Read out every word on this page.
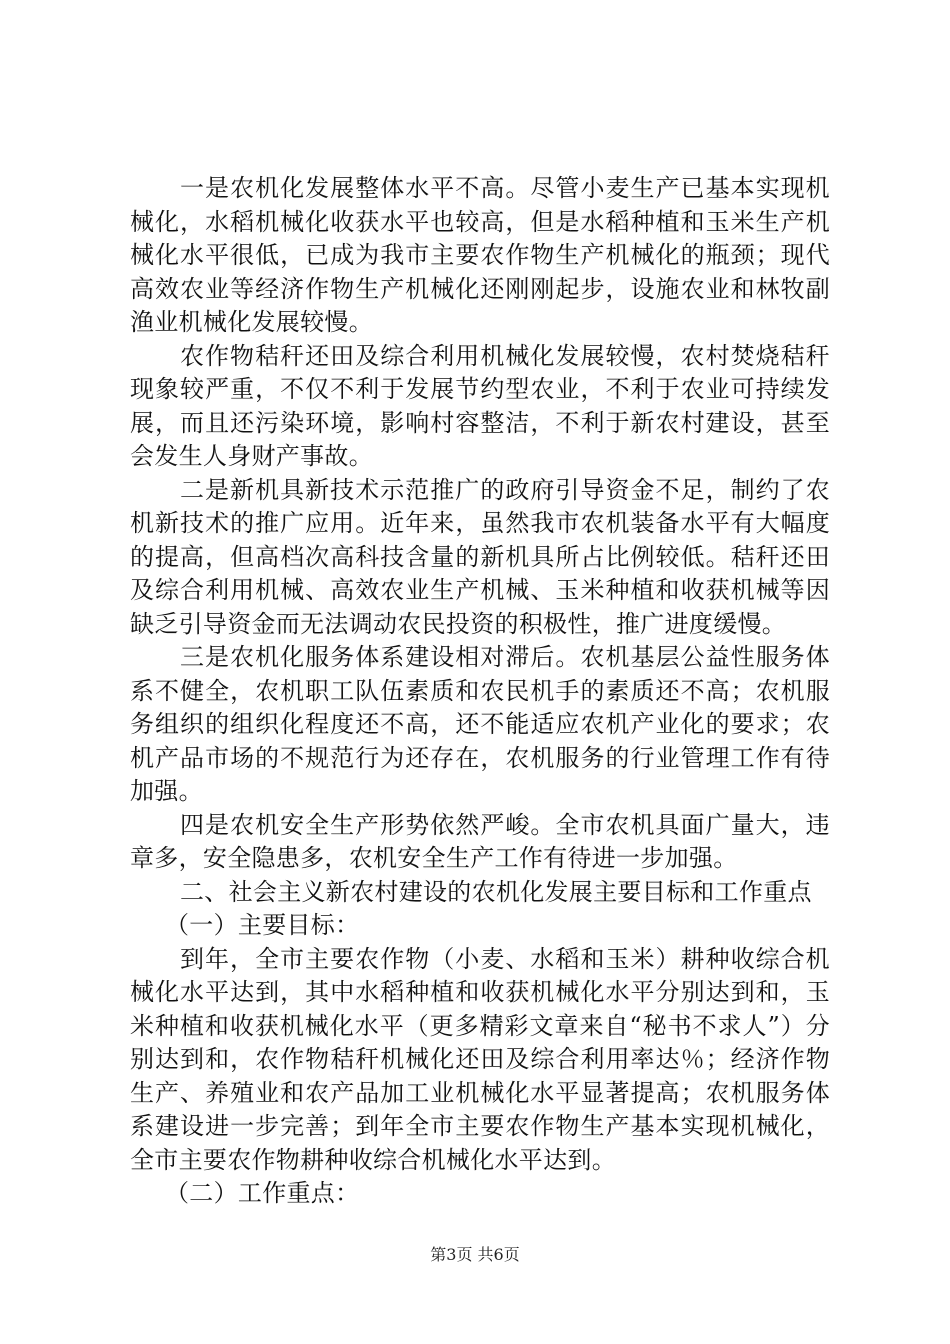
一是农机化发展整体水平不高。尽管小麦生产已基本实现机械化，水稻机械化收获水平也较高，但是水稻种植和玉米生产机械化水平很低，已成为我市主要农作物生产机械化的瓶颈；现代高效农业等经济作物生产机械化还刚刚起步，设施农业和林牧副渔业机械化发展较慢。

农作物秸秆还田及综合利用机械化发展较慢，农村焚烧秸秆现象较严重，不仅不利于发展节约型农业，不利于农业可持续发展，而且还污染环境，影响村容整洁，不利于新农村建设，甚至会发生人身财产事故。

二是新机具新技术示范推广的政府引导资金不足，制约了农机新技术的推广应用。近年来，虽然我市农机装备水平有大幅度的提高，但高档次高科技含量的新机具所占比例较低。秸秆还田及综合利用机械、高效农业生产机械、玉米种植和收获机械等因缺乏引导资金而无法调动农民投资的积极性，推广进度缓慢。

三是农机化服务体系建设相对滞后。农机基层公益性服务体系不健全，农机职工队伍素质和农民机手的素质还不高；农机服务组织的组织化程度还不高，还不能适应农机产业化的要求；农机产品市场的不规范行为还存在，农机服务的行业管理工作有待加强。

四是农机安全生产形势依然严峻。全市农机具面广量大，违章多，安全隐患多，农机安全生产工作有待进一步加强。

二、社会主义新农村建设的农机化发展主要目标和工作重点

（一）主要目标：

到年，全市主要农作物（小麦、水稻和玉米）耕种收综合机械化水平达到，其中水稻种植和收获机械化水平分别达到和，玉米种植和收获机械化水平（更多精彩文章来自“秘书不求人”）分别达到和，农作物秸秆机械化还田及综合利用率达％；经济作物生产、养殖业和农产品加工业机械化水平显著提高；农机服务体系建设进一步完善；到年全市主要农作物生产基本实现机械化，全市主要农作物耕种收综合机械化水平达到。

（二）工作重点：

第3页 共6页
